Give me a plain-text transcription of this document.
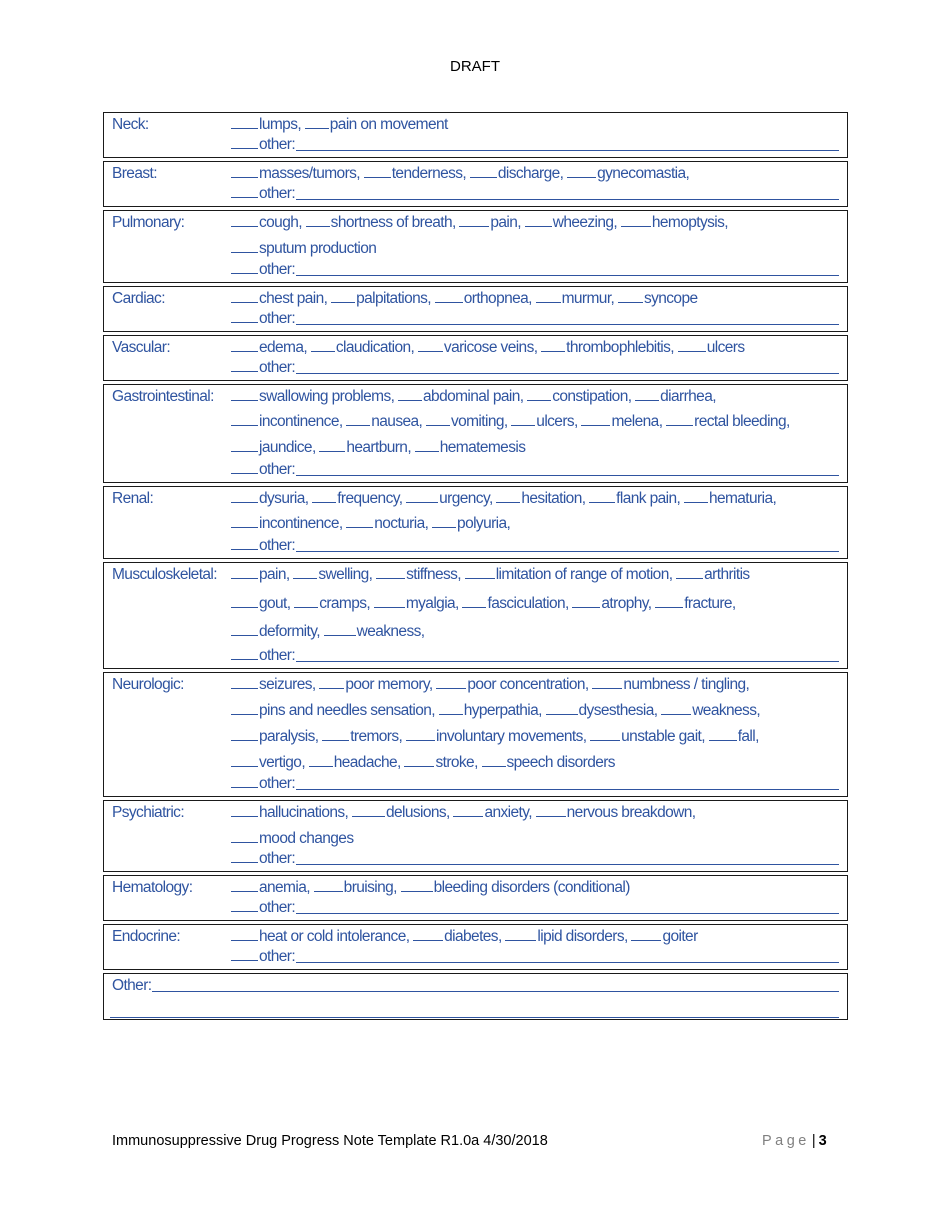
DRAFT
Neck:	lumps, pain on movement
other:
Breast:	masses/tumors, tenderness, discharge, gynecomastia,
other:
Pulmonary:	cough, shortness of breath, pain, wheezing, hemoptysis,
sputum production
other:
Cardiac:	chest pain, palpitations, orthopnea, murmur, syncope
other:
Vascular:	edema, claudication, varicose veins, thrombophlebitis, ulcers
other:
Gastrointestinal:	swallowing problems, abdominal pain, constipation, diarrhea,
incontinence, nausea, vomiting, ulcers, melena, rectal bleeding,
jaundice, heartburn, hematemesis
other:
Renal:	dysuria, frequency, urgency, hesitation, flank pain, hematuria,
incontinence, nocturia, polyuria,
other:
Musculoskeletal:	pain, swelling, stiffness, limitation of range of motion, arthritis
gout, cramps, myalgia, fasciculation, atrophy, fracture,
deformity, weakness,
other:
Neurologic:	seizures, poor memory, poor concentration, numbness / tingling,
pins and needles sensation, hyperpathia, dysesthesia, weakness,
paralysis, tremors, involuntary movements, unstable gait, fall,
vertigo, headache, stroke, speech disorders
other:
Psychiatric:	hallucinations, delusions, anxiety, nervous breakdown,
mood changes
other:
Hematology:	anemia, bruising, bleeding disorders (conditional)
other:
Endocrine:	heat or cold intolerance, diabetes, lipid disorders, goiter
other:
Other:
Immunosuppressive Drug Progress Note Template R1.0a 4/30/2018	Page | 3
